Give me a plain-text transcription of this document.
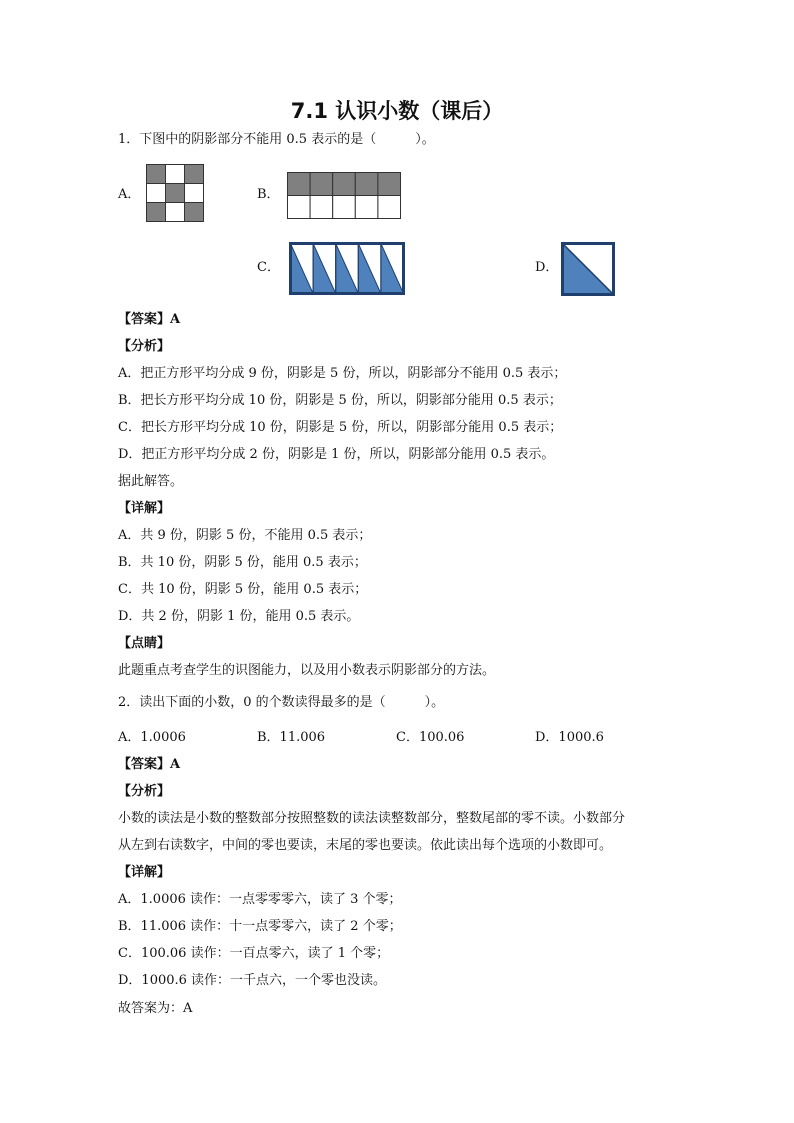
7.1 认识小数（课后）
1．下图中的阴影部分不能用 0.5 表示的是（　　　）。
A．	B．
C．	D．
【答案】A
【分析】
A．把正方形平均分成 9 份，阴影是 5 份，所以，阴影部分不能用 0.5 表示；
B．把长方形平均分成 10 份，阴影是 5 份，所以，阴影部分能用 0.5 表示；
C．把长方形平均分成 10 份，阴影是 5 份，所以，阴影部分能用 0.5 表示；
D．把正方形平均分成 2 份，阴影是 1 份，所以，阴影部分能用 0.5 表示。
据此解答。
【详解】
A．共 9 份，阴影 5 份，不能用 0.5 表示；
B．共 10 份，阴影 5 份，能用 0.5 表示；
C．共 10 份，阴影 5 份，能用 0.5 表示；
D．共 2 份，阴影 1 份，能用 0.5 表示。
【点睛】
此题重点考查学生的识图能力，以及用小数表示阴影部分的方法。
2．读出下面的小数，0 的个数读得最多的是（　　　）。
A．1.0006	B．11.006	C．100.06	D．1000.6
【答案】A
【分析】
小数的读法是小数的整数部分按照整数的读法读整数部分，整数尾部的零不读。小数部分
从左到右读数字，中间的零也要读，末尾的零也要读。依此读出每个选项的小数即可。
【详解】
A．1.0006 读作：一点零零零六，读了 3 个零；
B．11.006 读作：十一点零零六，读了 2 个零；
C．100.06 读作：一百点零六，读了 1 个零；
D．1000.6 读作：一千点六，一个零也没读。
故答案为：A
